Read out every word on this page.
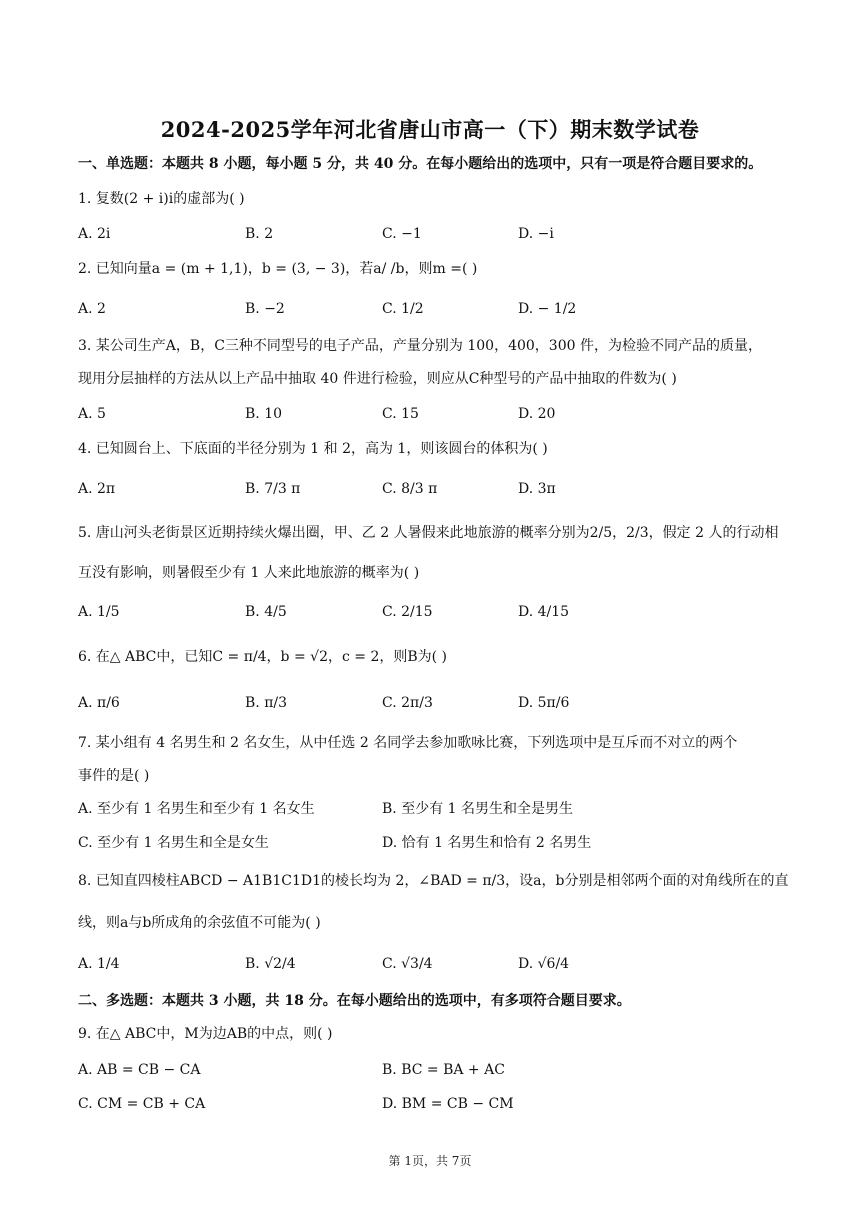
2024-2025学年河北省唐山市高一（下）期末数学试卷
一、单选题：本题共 8 小题，每小题 5 分，共 40 分。在每小题给出的选项中，只有一项是符合题目要求的。
1. 复数(2 + i)i的虚部为( )
A. 2i	B. 2	C. −1	D. −i
2. 已知向量a = (m + 1,1)，b = (3, − 3)，若a/ /b，则m =( )
A. 2	B. −2	C. 1/2	D. − 1/2
3. 某公司生产A，B，C三种不同型号的电子产品，产量分别为 100，400，300 件，为检验不同产品的质量，
现用分层抽样的方法从以上产品中抽取 40 件进行检验，则应从C种型号的产品中抽取的件数为( )
A. 5	B. 10	C. 15	D. 20
4. 已知圆台上、下底面的半径分别为 1 和 2，高为 1，则该圆台的体积为( )
A. 2π	B. 7/3 π	C. 8/3 π	D. 3π
5. 唐山河头老街景区近期持续火爆出圈，甲、乙 2 人暑假来此地旅游的概率分别为2/5，2/3，假定 2 人的行动相
互没有影响，则暑假至少有 1 人来此地旅游的概率为( )
A. 1/5	B. 4/5	C. 2/15	D. 4/15
6. 在△ ABC中，已知C = π/4，b = √2，c = 2，则B为( )
A. π/6	B. π/3	C. 2π/3	D. 5π/6
7. 某小组有 4 名男生和 2 名女生，从中任选 2 名同学去参加歌咏比赛，下列选项中是互斥而不对立的两个
事件的是( )
A. 至少有 1 名男生和至少有 1 名女生	B. 至少有 1 名男生和全是男生
C. 至少有 1 名男生和全是女生	D. 恰有 1 名男生和恰有 2 名男生
8. 已知直四棱柱ABCD − A1B1C1D1的棱长均为 2，∠BAD = π/3，设a，b分别是相邻两个面的对角线所在的直
线，则a与b所成角的余弦值不可能为( )
A. 1/4	B. √2/4	C. √3/4	D. √6/4
二、多选题：本题共 3 小题，共 18 分。在每小题给出的选项中，有多项符合题目要求。
9. 在△ ABC中，M为边AB的中点，则( )
A. AB = CB − CA	B. BC = BA + AC
C. CM = CB + CA	D. BM = CB − CM
第 1页，共 7页
